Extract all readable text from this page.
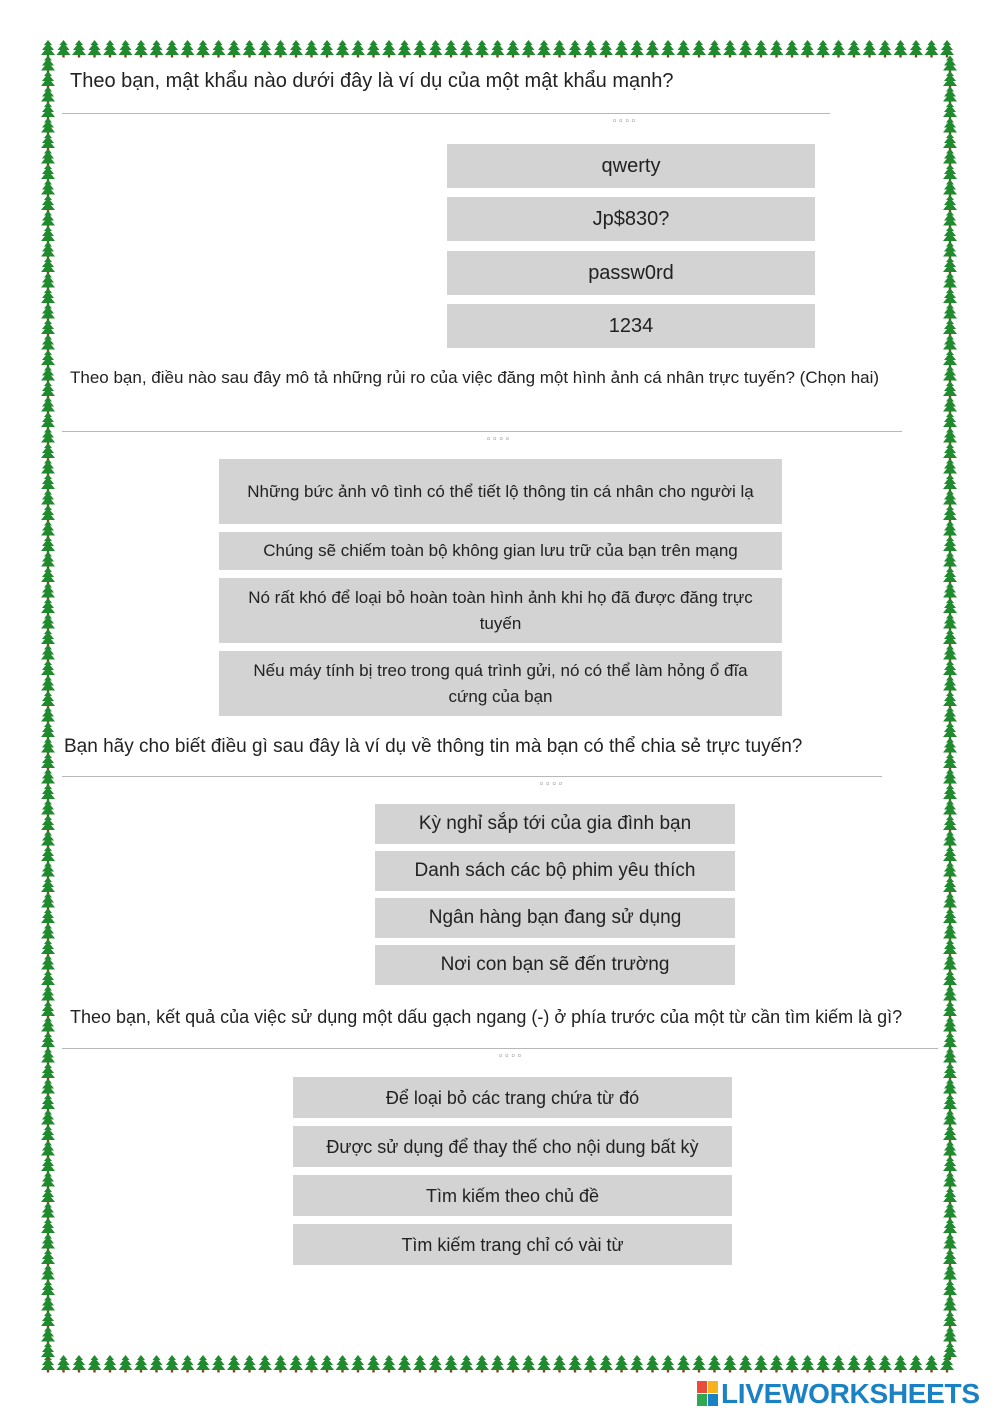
Theo bạn, mật khẩu nào dưới đây là ví dụ của một mật khẩu mạnh?
◦◦◦◦
qwerty
Jp$830?
passw0rd
1234
Theo bạn, điều nào sau đây mô tả những rủi ro của việc đăng một hình ảnh cá nhân trực tuyến? (Chọn hai)
◦◦◦◦
Những bức ảnh vô tình có thể tiết lộ thông tin cá nhân cho người lạ
Chúng sẽ chiếm toàn bộ không gian lưu trữ của bạn trên mạng
Nó rất khó để loại bỏ hoàn toàn hình ảnh khi họ đã được đăng trực tuyến
Nếu máy tính bị treo trong quá trình gửi, nó có thể làm hỏng ổ đĩa cứng của bạn
Bạn hãy cho biết điều gì sau đây là ví dụ về thông tin mà bạn có thể chia sẻ trực tuyến?
◦◦◦◦
Kỳ nghỉ sắp tới của gia đình bạn
Danh sách các bộ phim yêu thích
Ngân hàng bạn đang sử dụng
Nơi con bạn sẽ đến trường
Theo bạn, kết quả của việc sử dụng một dấu gạch ngang (-) ở phía trước của một từ cần tìm kiếm là gì?
◦◦◦◦
Để loại bỏ các trang chứa từ đó
Được sử dụng để thay thế cho nội dung bất kỳ
Tìm kiếm theo chủ đề
Tìm kiếm trang chỉ có vài từ
LIVEWORKSHEETS
